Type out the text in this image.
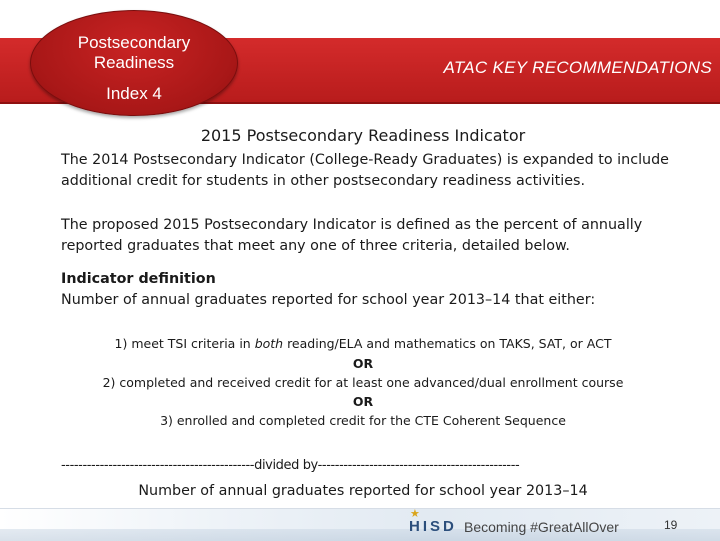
ATAC KEY RECOMMENDATIONS
Postsecondary
Readiness
Index 4
2015 Postsecondary Readiness Indicator
The 2014 Postsecondary Indicator (College-Ready Graduates) is expanded to include additional credit for students in other postsecondary readiness activities.
The proposed 2015 Postsecondary Indicator is defined as the percent of annually reported graduates that meet any one of three criteria, detailed below.
Indicator definition
Number of annual graduates reported for school year 2013–14 that either:
1) meet TSI criteria in both reading/ELA and mathematics on TAKS, SAT, or ACT
OR
2) completed and received credit for at least one advanced/dual enrollment course
OR
3) enrolled and completed credit for the CTE Coherent Sequence
---------------------------------------------divided by-----------------------------------------------
Number of annual graduates reported for school year 2013–14
★
HISD Becoming #GreatAllOver	19
